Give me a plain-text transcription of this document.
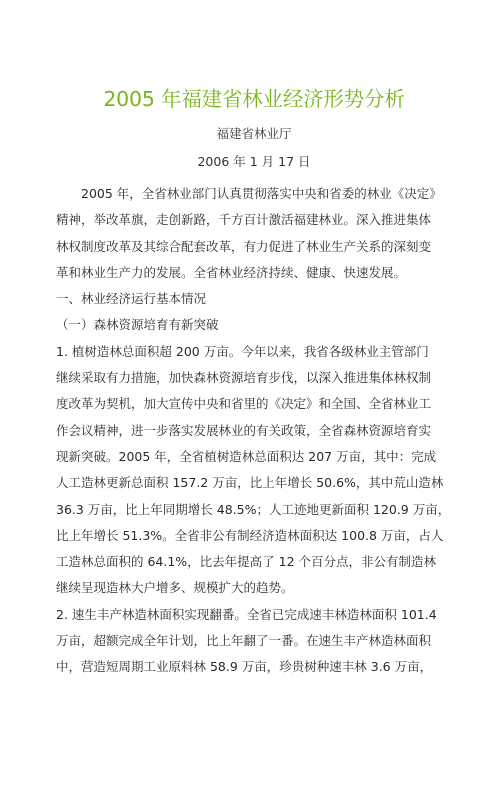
2005 年福建省林业经济形势分析
福建省林业厅
2006 年 1 月 17 日
2005 年，全省林业部门认真贯彻落实中央和省委的林业《决定》
精神，举改革旗，走创新路，千方百计激活福建林业。深入推进集体
林权制度改革及其综合配套改革，有力促进了林业生产关系的深刻变
革和林业生产力的发展。全省林业经济持续、健康、快速发展。
一、林业经济运行基本情况
（一）森林资源培育有新突破
1. 植树造林总面积超 200 万亩。今年以来，我省各级林业主管部门
继续采取有力措施，加快森林资源培育步伐，以深入推进集体林权制
度改革为契机，加大宣传中央和省里的《决定》和全国、全省林业工
作会议精神，进一步落实发展林业的有关政策，全省森林资源培育实
现新突破。2005 年，全省植树造林总面积达 207 万亩，其中：完成
人工造林更新总面积 157.2 万亩，比上年增长 50.6%，其中荒山造林
36.3 万亩，比上年同期增长 48.5%；人工迹地更新面积 120.9 万亩，
比上年增长 51.3%。全省非公有制经济造林面积达 100.8 万亩，占人
工造林总面积的 64.1%，比去年提高了 12 个百分点，非公有制造林
继续呈现造林大户增多、规模扩大的趋势。
2. 速生丰产林造林面积实现翻番。全省已完成速丰林造林面积 101.4
万亩，超额完成全年计划，比上年翻了一番。在速生丰产林造林面积
中，营造短周期工业原料林 58.9 万亩，珍贵树种速丰林 3.6 万亩，
